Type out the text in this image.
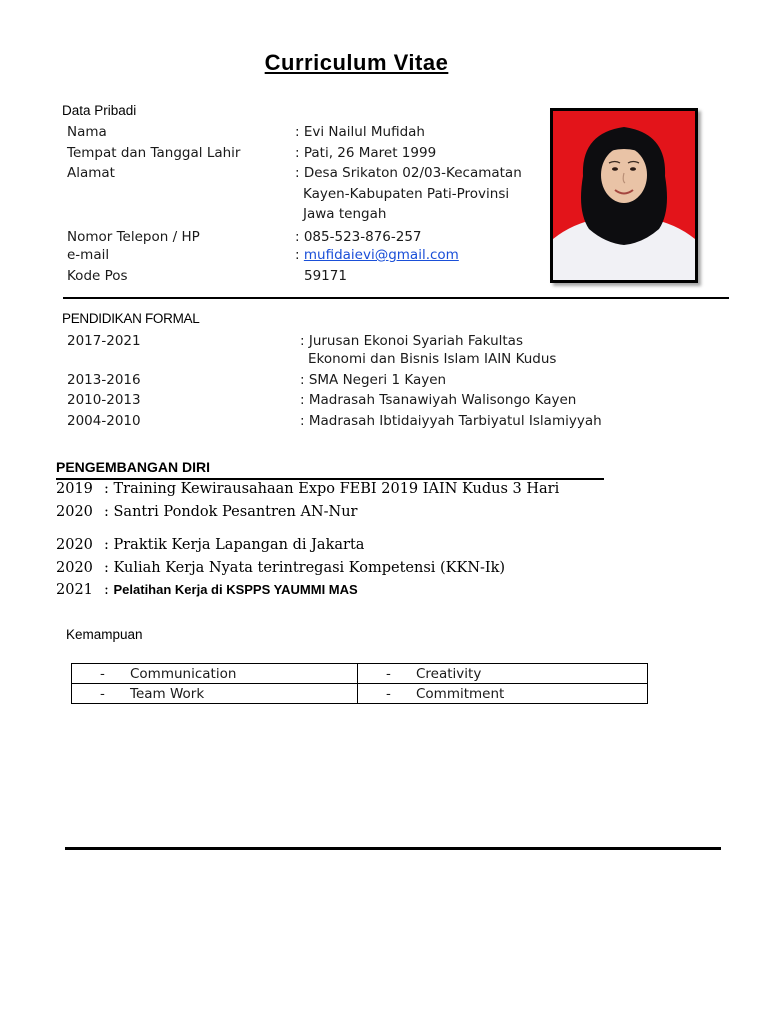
Curriculum Vitae
Data Pribadi
Nama	: Evi Nailul Mufidah
Tempat dan Tanggal Lahir	: Pati, 26 Maret 1999
Alamat	: Desa Srikaton 02/03-Kecamatan
Kayen-Kabupaten Pati-Provinsi
Jawa tengah
Nomor Telepon / HP	: 085-523-876-257
e-mail	: mufidaievi@gmail.com
Kode Pos	59171
PENDIDIKAN FORMAL
2017-2021	: Jurusan Ekonoi Syariah Fakultas
Ekonomi dan Bisnis Islam IAIN Kudus
2013-2016	: SMA Negeri 1 Kayen
2010-2013	: Madrasah Tsanawiyah Walisongo Kayen
2004-2010	: Madrasah Ibtidaiyyah Tarbiyatul Islamiyyah
PENGEMBANGAN DIRI
2019 : Training Kewirausahaan Expo FEBI 2019 IAIN Kudus 3 Hari
2020 : Santri Pondok Pesantren AN-Nur
2020 : Praktik Kerja Lapangan di Jakarta
2020 : Kuliah Kerja Nyata terintregasi Kompetensi (KKN-Ik)
2021 : Pelatihan Kerja di KSPPS YAUMMI MAS
Kemampuan
- Communication	- Creativity
- Team Work	- Commitment
